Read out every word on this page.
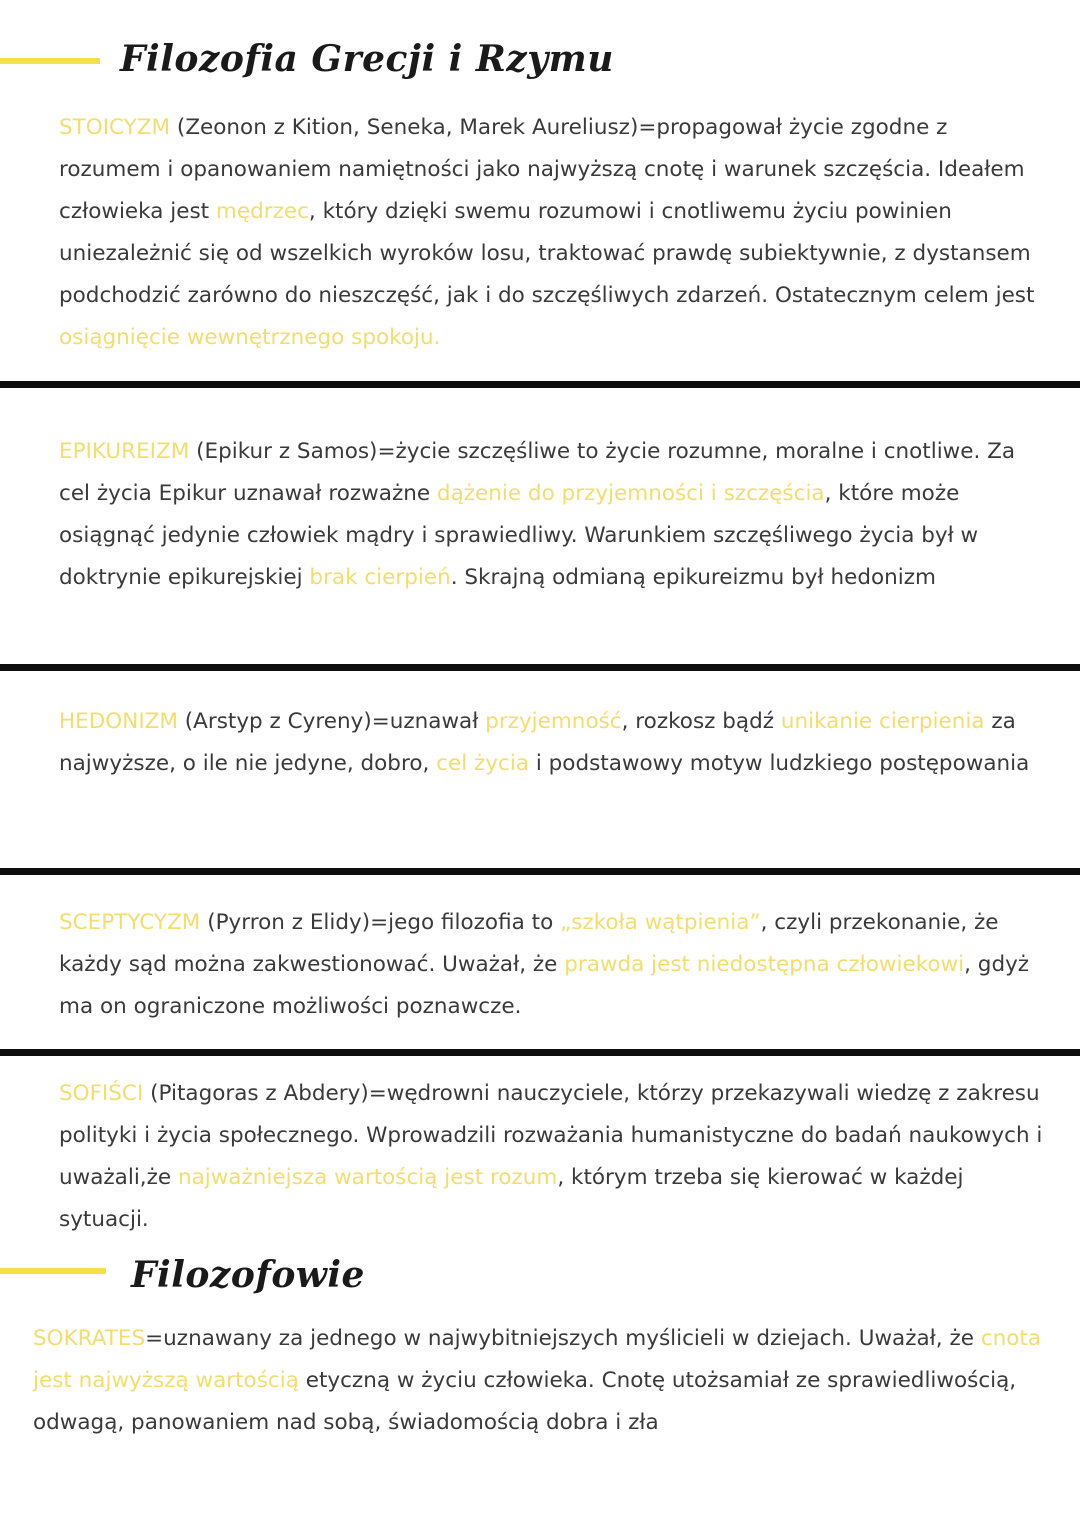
Filozofia Grecji i Rzymu

STOICYZM (Zeonon z Kition, Seneka, Marek Aureliusz)=propagował życie zgodne z rozumem i opanowaniem namiętności jako najwyższą cnotę i warunek szczęścia. Ideałem człowieka jest mędrzec, który dzięki swemu rozumowi i cnotliwemu życiu powinien uniezależnić się od wszelkich wyroków losu, traktować prawdę subiektywnie, z dystansem podchodzić zarówno do nieszczęść, jak i do szczęśliwych zdarzeń. Ostatecznym celem jest osiągnięcie wewnętrznego spokoju.

EPIKUREIZM (Epikur z Samos)=życie szczęśliwe to życie rozumne, moralne i cnotliwe. Za cel życia Epikur uznawał rozważne dążenie do przyjemności i szczęścia, które może osiągnąć jedynie człowiek mądry i sprawiedliwy. Warunkiem szczęśliwego życia był w doktrynie epikurejskiej brak cierpień. Skrajną odmianą epikureizmu był hedonizm

HEDONIZM (Arstyp z Cyreny)=uznawał przyjemność, rozkosz bądź unikanie cierpienia za najwyższe, o ile nie jedyne, dobro, cel życia i podstawowy motyw ludzkiego postępowania

SCEPTYCYZM (Pyrron z Elidy)=jego filozofia to „szkoła wątpienia”, czyli przekonanie, że każdy sąd można zakwestionować. Uważał, że prawda jest niedostępna człowiekowi, gdyż ma on ograniczone możliwości poznawcze.

SOFIŚCI (Pitagoras z Abdery)=wędrowni nauczyciele, którzy przekazywali wiedzę z zakresu polityki i życia społecznego. Wprowadzili rozważania humanistyczne do badań naukowych i uważali,że najważniejsza wartością jest rozum, którym trzeba się kierować w każdej sytuacji.

Filozofowie

SOKRATES=uznawany za jednego w najwybitniejszych myślicieli w dziejach. Uważał, że cnota jest najwyższą wartością etyczną w życiu człowieka. Cnotę utożsamiał ze sprawiedliwością, odwagą, panowaniem nad sobą, świadomością dobra i zła
